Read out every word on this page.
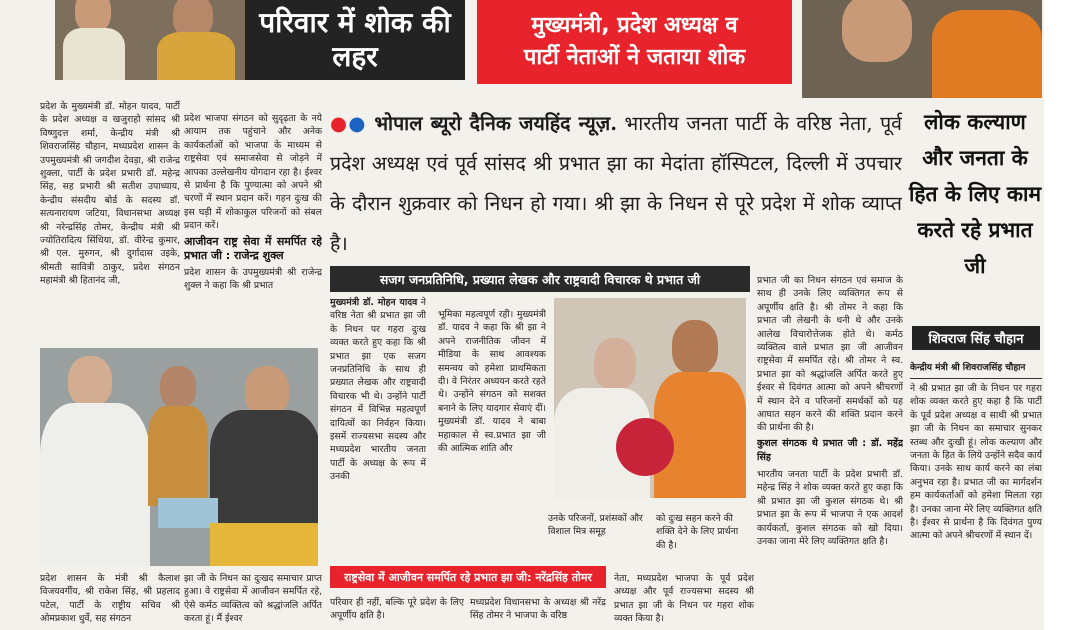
परिवार में शोक की लहर
मुख्यमंत्री, प्रदेश अध्यक्ष व
पार्टी नेताओं ने जताया शोक

प्रदेश के मुख्यमंत्री डॉ. मोहन यादव, पार्टी के प्रदेश अध्यक्ष व खजुराहो सांसद श्री विष्णुदत्त शर्मा, केन्द्रीय मंत्री श्री शिवराजसिंह चौहान, मध्यप्रदेश शासन के उपमुख्यमंत्री श्री जगदीश देवड़ा, श्री राजेन्द्र शुक्ला, पार्टी के प्रदेश प्रभारी डॉ. महेन्द्र सिंह, सह प्रभारी श्री सतीश उपाध्याय, केन्द्रीय संसदीय बोर्ड के सदस्य डॉ. सत्यनारायण जटिया, विधानसभा अध्यक्ष श्री नरेन्द्रसिंह तोमर, केन्द्रीय मंत्री श्री ज्योतिरादित्य सिंधिया, डॉ. वीरेन्द्र कुमार, श्री एल. मुरुगन, श्री दुर्गादास उइके, श्रीमती सावित्री ठाकुर, प्रदेश संगठन महामंत्री श्री हितानंद जी,

प्रदेश भाजपा संगठन को सुदृढ़ता के नये आयाम तक पहुंचाने और अनेक कार्यकर्ताओं को भाजपा के माध्यम से राष्ट्रसेवा एवं समाजसेवा से जोड़ने में आपका उल्लेखनीय योगदान रहा है। ईश्वर से प्रार्थना है कि पुण्यात्मा को अपने श्री चरणों में स्थान प्रदान करें। गहन दुःख की इस घड़ी में शोकाकुल परिजनों को संबल प्रदान करें।

आजीवन राष्ट्र सेवा में समर्पित रहे प्रभात जी : राजेन्द्र शुक्ल

प्रदेश शासन के उपमुख्यमंत्री श्री राजेन्द्र शुक्ल ने कहा कि श्री प्रभात

प्रदेश शासन के मंत्री श्री कैलाश विजयवर्गीय, श्री राकेश सिंह, श्री प्रहलाद पटेल, पार्टी के राष्ट्रीय सचिव श्री ओमप्रकाश धुर्वे, सह संगठन

झा जी के निधन का दुःखद समाचार प्राप्त हुआ। वे राष्ट्रसेवा में आजीवन समर्पित रहे, ऐसे कर्मठ व्यक्तित्व को श्रद्धांजलि अर्पित करता हूं। मैं ईश्वर

●● भोपाल ब्यूरो दैनिक जयहिंद न्यूज़. भारतीय जनता पार्टी के वरिष्ठ नेता, पूर्व प्रदेश अध्यक्ष एवं पूर्व सांसद श्री प्रभात झा का मेदांता हॉस्पिटल, दिल्ली में उपचार के दौरान शुक्रवार को निधन हो गया। श्री झा के निधन से पूरे प्रदेश में शोक व्याप्त है।
सजग जनप्रतिनिधि, प्रख्यात लेखक और राष्ट्रवादी विचारक थे प्रभात जी

मुख्यमंत्री डॉ. मोहन यादव ने वरिष्ठ नेता श्री प्रभात झा जी के निधन पर गहरा दुःख व्यक्त करते हुए कहा कि श्री प्रभात झा एक सजग जनप्रतिनिधि के साथ ही प्रख्यात लेखक और राष्ट्रवादी विचारक भी थे। उन्होंने पार्टी संगठन में विभिन्न महत्वपूर्ण दायित्वों का निर्वहन किया। इसमें राज्यसभा सदस्य और मध्यप्रदेश भारतीय जनता पार्टी के अध्यक्ष के रूप में उनकी

भूमिका महत्वपूर्ण रही। मुख्यमंत्री डॉ. यादव ने कहा कि श्री झा ने अपने राजनीतिक जीवन में मीडिया के साथ आवश्यक समन्वय को हमेशा प्राथमिकता दी। वे निरंतर अध्ययन करते रहते थे। उन्होंने संगठन को सशक्त बनाने के लिए यादगार सेवाएं दीं। मुख्यमंत्री डॉ. यादव ने बाबा महाकाल से स्व.प्रभात झा जी की आत्मिक शांति और

उनके परिजनों, प्रशंसकों और विशाल मित्र समूह

को दुःख सहन करने की शक्ति देने के लिए प्रार्थना की है।

राष्ट्रसेवा में आजीवन समर्पित रहे प्रभात झा जी: नरेंद्रसिंह तोमर

परिवार ही नहीं, बल्कि पूरे प्रदेश के लिए अपूर्णीय क्षति है।

मध्यप्रदेश विधानसभा के अध्यक्ष श्री नरेंद्र सिंह तोमर ने भाजपा के वरिष्ठ

नेता, मध्यप्रदेश भाजपा के पूर्व प्रदेश अध्यक्ष और पूर्व राज्यसभा सदस्य श्री प्रभात झा जी के निधन पर गहरा शोक व्यक्त किया है।

प्रभात जी का निधन संगठन एवं समाज के साथ ही उनके लिए व्यक्तिगत रूप से अपूर्णीय क्षति है। श्री तोमर ने कहा कि प्रभात जी लेखनी के धनी थे और उनके आलेख विचारोत्तेजक होते थे। कर्मठ व्यक्तित्व वाले प्रभात झा जी आजीवन राष्ट्रसेवा में समर्पित रहे। श्री तोमर ने स्व. प्रभात झा को श्रद्धांजलि अर्पित करते हुए ईश्वर से दिवंगत आत्मा को अपने श्रीचरणों में स्थान देने व परिजनों समर्थकों को यह आघात सहन करने की शक्ति प्रदान करने की प्रार्थना की है।

कुशल संगठक थे प्रभात जी : डॉ. महेंद्र सिंह

भारतीय जनता पार्टी के प्रदेश प्रभारी डॉ. महेन्द्र सिंह ने शोक व्यक्त करते हुए कहा कि श्री प्रभात झा जी कुशल संगठक थे। श्री प्रभात झा के रूप में भाजपा ने एक आदर्श कार्यकर्ता, कुशल संगठक को खो दिया। उनका जाना मेरे लिए व्यक्तिगत क्षति है।

लोक कल्याण और जनता के हित के लिए काम करते रहे प्रभात जी
शिवराज सिंह चौहान
केन्द्रीय मंत्री श्री शिवराजसिंह चौहान

ने श्री प्रभात झा जी के निधन पर गहरा शोक व्यक्त करते हुए कहा है कि पार्टी के पूर्व प्रदेश अध्यक्ष व साथी श्री प्रभात झा जी के निधन का समाचार सुनकर स्तब्ध और दुःखी हूं। लोक कल्याण और जनता के हित के लिये उन्होंने सदैव कार्य किया। उनके साथ कार्य करने का लंबा अनुभव रहा है। प्रभात जी का मार्गदर्शन हम कार्यकर्ताओं को हमेशा मिलता रहा है। उनका जाना मेरे लिए व्यक्तिगत क्षति है। ईश्वर से प्रार्थना है कि दिवंगत पुण्य आत्मा को अपने श्रीचरणों में स्थान दें।
